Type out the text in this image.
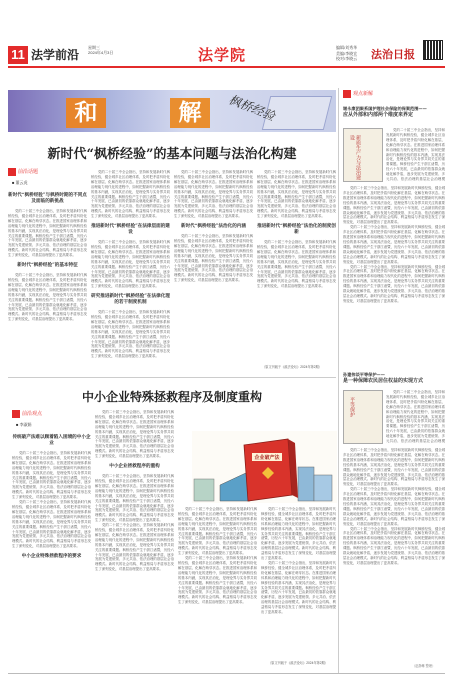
11 法学前沿
星期三
2024年4月3日	法学院	编辑/刘秀华
美编/李晓宜
校对/李晓云 法治日报
和	解	枫桥经验
新时代“枫桥经验”的基本问题与法治化构建
前沿话题
■ 董云虎
新时代“枫桥经验”与枫桥时期的不同点及面临的新挑战
党的二十届三中全会指出，坚持和发展新时代枫桥经验，健全城乡社区治理体系，及时把矛盾纠纷化解在基层、化解在萌芽状态。在推进国家治理体系和治理能力现代化的进程中，如何把握新时代枫桥经验的基本内涵，实现其法治化，是理论界与实务界共同关注的重要课题。枫桥经验产生于浙江诸暨，历经六十年发展，已由最初的依靠群众就地化解矛盾，逐步发展为党建统领、多元共治、依法治理的基层社会治理模式。新时代的社会结构、利益格局与矛盾形态发生了深刻变化，对基层治理提出了更高要求。
新时代“枫桥经验”的基本特征
党的二十届三中全会指出，坚持和发展新时代枫桥经验，健全城乡社区治理体系，及时把矛盾纠纷化解在基层、化解在萌芽状态。在推进国家治理体系和治理能力现代化的进程中，如何把握新时代枫桥经验的基本内涵，实现其法治化，是理论界与实务界共同关注的重要课题。枫桥经验产生于浙江诸暨，历经六十年发展，已由最初的依靠群众就地化解矛盾，逐步发展为党建统领、多元共治、依法治理的基层社会治理模式。新时代的社会结构、利益格局与矛盾形态发生了深刻变化，对基层治理提出了更高要求。
党的二十届三中全会指出，坚持和发展新时代枫桥经验，健全城乡社区治理体系，及时把矛盾纠纷化解在基层、化解在萌芽状态。在推进国家治理体系和治理能力现代化的进程中，如何把握新时代枫桥经验的基本内涵，实现其法治化，是理论界与实务界共同关注的重要课题。枫桥经验产生于浙江诸暨，历经六十年发展，已由最初的依靠群众就地化解矛盾，逐步发展为党建统领、多元共治、依法治理的基层社会治理模式。新时代的社会结构、利益格局与矛盾形态发生了深刻变化，对基层治理提出了更高要求。
推进新时代“枫桥经验”在法律层面的建设
党的二十届三中全会指出，坚持和发展新时代枫桥经验，健全城乡社区治理体系，及时把矛盾纠纷化解在基层、化解在萌芽状态。在推进国家治理体系和治理能力现代化的进程中，如何把握新时代枫桥经验的基本内涵，实现其法治化，是理论界与实务界共同关注的重要课题。枫桥经验产生于浙江诸暨，历经六十年发展，已由最初的依靠群众就地化解矛盾，逐步发展为党建统领、多元共治、依法治理的基层社会治理模式。新时代的社会结构、利益格局与矛盾形态发生了深刻变化，对基层治理提出了更高要求。
研究推进新时代“枫桥经验”在法律化理的若干制度机制
党的二十届三中全会指出，坚持和发展新时代枫桥经验，健全城乡社区治理体系，及时把矛盾纠纷化解在基层、化解在萌芽状态。在推进国家治理体系和治理能力现代化的进程中，如何把握新时代枫桥经验的基本内涵，实现其法治化，是理论界与实务界共同关注的重要课题。枫桥经验产生于浙江诸暨，历经六十年发展，已由最初的依靠群众就地化解矛盾，逐步发展为党建统领、多元共治、依法治理的基层社会治理模式。新时代的社会结构、利益格局与矛盾形态发生了深刻变化，对基层治理提出了更高要求。
党的二十届三中全会指出，坚持和发展新时代枫桥经验，健全城乡社区治理体系，及时把矛盾纠纷化解在基层、化解在萌芽状态。在推进国家治理体系和治理能力现代化的进程中，如何把握新时代枫桥经验的基本内涵，实现其法治化，是理论界与实务界共同关注的重要课题。枫桥经验产生于浙江诸暨，历经六十年发展，已由最初的依靠群众就地化解矛盾，逐步发展为党建统领、多元共治、依法治理的基层社会治理模式。新时代的社会结构、利益格局与矛盾形态发生了深刻变化，对基层治理提出了更高要求。
新时代“枫桥经验”法治化的内涵
党的二十届三中全会指出，坚持和发展新时代枫桥经验，健全城乡社区治理体系，及时把矛盾纠纷化解在基层、化解在萌芽状态。在推进国家治理体系和治理能力现代化的进程中，如何把握新时代枫桥经验的基本内涵，实现其法治化，是理论界与实务界共同关注的重要课题。枫桥经验产生于浙江诸暨，历经六十年发展，已由最初的依靠群众就地化解矛盾，逐步发展为党建统领、多元共治、依法治理的基层社会治理模式。新时代的社会结构、利益格局与矛盾形态发生了深刻变化，对基层治理提出了更高要求。
党的二十届三中全会指出，坚持和发展新时代枫桥经验，健全城乡社区治理体系，及时把矛盾纠纷化解在基层、化解在萌芽状态。在推进国家治理体系和治理能力现代化的进程中，如何把握新时代枫桥经验的基本内涵，实现其法治化，是理论界与实务界共同关注的重要课题。枫桥经验产生于浙江诸暨，历经六十年发展，已由最初的依靠群众就地化解矛盾，逐步发展为党建统领、多元共治、依法治理的基层社会治理模式。新时代的社会结构、利益格局与矛盾形态发生了深刻变化，对基层治理提出了更高要求。
推进新时代“枫桥经验”法治化的制度创新
党的二十届三中全会指出，坚持和发展新时代枫桥经验，健全城乡社区治理体系，及时把矛盾纠纷化解在基层、化解在萌芽状态。在推进国家治理体系和治理能力现代化的进程中，如何把握新时代枫桥经验的基本内涵，实现其法治化，是理论界与实务界共同关注的重要课题。枫桥经验产生于浙江诸暨，历经六十年发展，已由最初的依靠群众就地化解矛盾，逐步发展为党建统领、多元共治、依法治理的基层社会治理模式。新时代的社会结构、利益格局与矛盾形态发生了深刻变化，对基层治理提出了更高要求。
（原文刊载于《政法论坛》2024年第2期）
观点新解
谢永康团聚系国护理社会保险的保案范围——
应从外部和内部两个维度来界定
新质生产力与法治建设
党的二十届三中全会指出，坚持和发展新时代枫桥经验，健全城乡社区治理体系，及时把矛盾纠纷化解在基层、化解在萌芽状态。在推进国家治理体系和治理能力现代化的进程中，如何把握新时代枫桥经验的基本内涵，实现其法治化，是理论界与实务界共同关注的重要课题。枫桥经验产生于浙江诸暨，历经六十年发展，已由最初的依靠群众就地化解矛盾，逐步发展为党建统领、多元共治、依法治理的基层社会治理模
党的二十届三中全会指出，坚持和发展新时代枫桥经验，健全城乡社区治理体系，及时把矛盾纠纷化解在基层、化解在萌芽状态。在推进国家治理体系和治理能力现代化的进程中，如何把握新时代枫桥经验的基本内涵，实现其法治化，是理论界与实务界共同关注的重要课题。枫桥经验产生于浙江诸暨，历经六十年发展，已由最初的依靠群众就地化解矛盾，逐步发展为党建统领、多元共治、依法治理的基层社会治理模式。新时代的社会结构、利益格局与矛盾形态发生了深刻变化，对基层治理提出了更高要求。
党的二十届三中全会指出，坚持和发展新时代枫桥经验，健全城乡社区治理体系，及时把矛盾纠纷化解在基层、化解在萌芽状态。在推进国家治理体系和治理能力现代化的进程中，如何把握新时代枫桥经验的基本内涵，实现其法治化，是理论界与实务界共同关注的重要课题。枫桥经验产生于浙江诸暨，历经六十年发展，已由最初的依靠群众就地化解矛盾，逐步发展为党建统领、多元共治、依法治理的基层社会治理模式。新时代的社会结构、利益格局与矛盾形态发生了深刻变化，对基层治理提出了更高要求。
党的二十届三中全会指出，坚持和发展新时代枫桥经验，健全城乡社区治理体系，及时把矛盾纠纷化解在基层、化解在萌芽状态。在推进国家治理体系和治理能力现代化的进程中，如何把握新时代枫桥经验的基本内涵，实现其法治化，是理论界与实务界共同关注的重要课题。枫桥经验产生于浙江诸暨，历经六十年发展，已由最初的依靠群众就地化解矛盾，逐步发展为党建统领、多元共治、依法治理的基层社会治理模式。新时代的社会结构、利益格局与矛盾形态发生了深刻变化，对基层治理提出了更高要求。
孙建伟谈平等保护——
是一种保障农民居住权益的实现方式
平等保护
党的二十届三中全会指出，坚持和发展新时代枫桥经验，健全城乡社区治理体系，及时把矛盾纠纷化解在基层、化解在萌芽状态。在推进国家治理体系和治理能力现代化的进程中，如何把握新时代枫桥经验的基本内涵，实现其法治化，是理论界与实务界共同关注的重要课题。枫桥经验产生于浙江诸暨，历经六十年发展，已由最初的依靠群众就地化解矛盾，逐步发展为党建统领、多元共治、依法治理的基层社会治理模
党的二十届三中全会指出，坚持和发展新时代枫桥经验，健全城乡社区治理体系，及时把矛盾纠纷化解在基层、化解在萌芽状态。在推进国家治理体系和治理能力现代化的进程中，如何把握新时代枫桥经验的基本内涵，实现其法治化，是理论界与实务界共同关注的重要课题。枫桥经验产生于浙江诸暨，历经六十年发展，已由最初的依靠群众就地化解矛盾，逐步发展为党建统领、多元共治、依法治理的基层社会治理模式。新时代的社会结构、利益格局与矛盾形态发生了深刻变化，对基层治理提出了更高要求。
党的二十届三中全会指出，坚持和发展新时代枫桥经验，健全城乡社区治理体系，及时把矛盾纠纷化解在基层、化解在萌芽状态。在推进国家治理体系和治理能力现代化的进程中，如何把握新时代枫桥经验的基本内涵，实现其法治化，是理论界与实务界共同关注的重要课题。枫桥经验产生于浙江诸暨，历经六十年发展，已由最初的依靠群众就地化解矛盾，逐步发展为党建统领、多元共治、依法治理的基层社会治理模式。新时代的社会结构、利益格局与矛盾形态发生了深刻变化，对基层治理提出了更高要求。
党的二十届三中全会指出，坚持和发展新时代枫桥经验，健全城乡社区治理体系，及时把矛盾纠纷化解在基层、化解在萌芽状态。在推进国家治理体系和治理能力现代化的进程中，如何把握新时代枫桥经验的基本内涵，实现其法治化，是理论界与实务界共同关注的重要课题。枫桥经验产生于浙江诸暨，历经六十年发展，已由最初的依靠群众就地化解矛盾，逐步发展为党建统领、多元共治、依法治理的基层社会治理模式。新时代的社会结构、利益格局与矛盾形态发生了深刻变化，对基层治理提出了更高要求。
（赵静琳 整理）
中小企业特殊拯救程序及制度重构
前沿观点
■ 李淑娟
传统破产法难以顾着陷入困境的中小企业
党的二十届三中全会指出，坚持和发展新时代枫桥经验，健全城乡社区治理体系，及时把矛盾纠纷化解在基层、化解在萌芽状态。在推进国家治理体系和治理能力现代化的进程中，如何把握新时代枫桥经验的基本内涵，实现其法治化，是理论界与实务界共同关注的重要课题。枫桥经验产生于浙江诸暨，历经六十年发展，已由最初的依靠群众就地化解矛盾，逐步发展为党建统领、多元共治、依法治理的基层社会治理模式。新时代的社会结构、利益格局与矛盾形态发生了深刻变化，对基层治理提出了更高要求。
党的二十届三中全会指出，坚持和发展新时代枫桥经验，健全城乡社区治理体系，及时把矛盾纠纷化解在基层、化解在萌芽状态。在推进国家治理体系和治理能力现代化的进程中，如何把握新时代枫桥经验的基本内涵，实现其法治化，是理论界与实务界共同关注的重要课题。枫桥经验产生于浙江诸暨，历经六十年发展，已由最初的依靠群众就地化解矛盾，逐步发展为党建统领、多元共治、依法治理的基层社会治理模式。新时代的社会结构、利益格局与矛盾形态发生了深刻变化，对基层治理提出了更高要求。
中小企业特殊拯救程序的要求
党的二十届三中全会指出，坚持和发展新时代枫桥经验，健全城乡社区治理体系，及时把矛盾纠纷化解在基层、化解在萌芽状态。在推进国家治理体系和治理能力现代化的进程中，如何把握新时代枫桥经验的基本内涵，实现其法治化，是理论界与实务界共同关注的重要课题。枫桥经验产生于浙江诸暨，历经六十年发展，已由最初的依靠群众就地化解矛盾，逐步发展为党建统领、多元共治、依法治理的基层社会治理模式。新时代的社会结构、利益格局与矛盾形态发生了深刻变化，对基层治理提出了更高要求。
中小企业拯救程序的重构
党的二十届三中全会指出，坚持和发展新时代枫桥经验，健全城乡社区治理体系，及时把矛盾纠纷化解在基层、化解在萌芽状态。在推进国家治理体系和治理能力现代化的进程中，如何把握新时代枫桥经验的基本内涵，实现其法治化，是理论界与实务界共同关注的重要课题。枫桥经验产生于浙江诸暨，历经六十年发展，已由最初的依靠群众就地化解矛盾，逐步发展为党建统领、多元共治、依法治理的基层社会治理模式。新时代的社会结构、利益格局与矛盾形态发生了深刻变化，对基层治理提出了更高要求。
党的二十届三中全会指出，坚持和发展新时代枫桥经验，健全城乡社区治理体系，及时把矛盾纠纷化解在基层、化解在萌芽状态。在推进国家治理体系和治理能力现代化的进程中，如何把握新时代枫桥经验的基本内涵，实现其法治化，是理论界与实务界共同关注的重要课题。枫桥经验产生于浙江诸暨，历经六十年发展，已由最初的依靠群众就地化解矛盾，逐步发展为党建统领、多元共治、依法治理的基层社会治理模式。新时代的社会结构、利益格局与矛盾形态发生了深刻变化，对基层治理提出了更高要求。
企业破产法
党的二十届三中全会指出，坚持和发展新时代枫桥经验，健全城乡社区治理体系，及时把矛盾纠纷化解在基层、化解在萌芽状态。在推进国家治理体系和治理能力现代化的进程中，如何把握新时代枫桥经验的基本内涵，实现其法治化，是理论界与实务界共同关注的重要课题。枫桥经验产生于浙江诸暨，历经六十年发展，已由最初的依靠群众就地化解矛盾，逐步发展为党建统领、多元共治、依法治理的基层社会治理模式。新时代的社会结构、利益格局与矛盾形态发生了深刻变化，对基层治理提出了更高要求。
党的二十届三中全会指出，坚持和发展新时代枫桥经验，健全城乡社区治理体系，及时把矛盾纠纷化解在基层、化解在萌芽状态。在推进国家治理体系和治理能力现代化的进程中，如何把握新时代枫桥经验的基本内涵，实现其法治化，是理论界与实务界共同关注的重要课题。枫桥经验产生于浙江诸暨，历经六十年发展，已由最初的依靠群众就地化解矛盾，逐步发展为党建统领、多元共治、依法治理的基层社会治理模式。新时代的社会结构、利益格局与矛盾形态发生了深刻变化，对基层治理提出了更高要求。
党的二十届三中全会指出，坚持和发展新时代枫桥经验，健全城乡社区治理体系，及时把矛盾纠纷化解在基层、化解在萌芽状态。在推进国家治理体系和治理能力现代化的进程中，如何把握新时代枫桥经验的基本内涵，实现其法治化，是理论界与实务界共同关注的重要课题。枫桥经验产生于浙江诸暨，历经六十年发展，已由最初的依靠群众就地化解矛盾，逐步发展为党建统领、多元共治、依法治理的基层社会治理模式。新时代的社会结构、利益格局与矛盾形态发生了深刻变化，对基层治理提出了更高要求。
党的二十届三中全会指出，坚持和发展新时代枫桥经验，健全城乡社区治理体系，及时把矛盾纠纷化解在基层、化解在萌芽状态。在推进国家治理体系和治理能力现代化的进程中，如何把握新时代枫桥经验的基本内涵，实现其法治化，是理论界与实务界共同关注的重要课题。枫桥经验产生于浙江诸暨，历经六十年发展，已由最初的依靠群众就地化解矛盾，逐步发展为党建统领、多元共治、依法治理的基层社会治理模式。新时代的社会结构、利益格局与矛盾形态发生了深刻变化，对基层治理提出了更高要求。
（原文刊载于《政法论坛》2024年第2期）
